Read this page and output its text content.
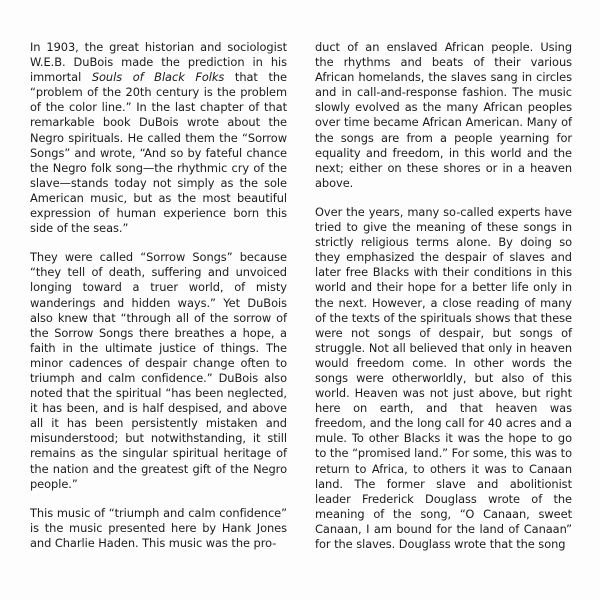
In 1903, the great historian and sociologist W.E.B. DuBois made the prediction in his immortal Souls of Black Folks that the “problem of the 20th century is the problem of the color line.” In the last chapter of that remarkable book DuBois wrote about the Negro spirituals. He called them the “Sorrow Songs” and wrote, “And so by fateful chance the Negro folk song—the rhythmic cry of the slave—stands today not simply as the sole American music, but as the most beautiful expression of human experience born this side of the seas.”

They were called “Sorrow Songs” because “they tell of death, suffering and unvoiced longing toward a truer world, of misty wanderings and hidden ways.” Yet DuBois also knew that “through all of the sorrow of the Sorrow Songs there breathes a hope, a faith in the ultimate justice of things. The minor cadences of despair change often to triumph and calm confidence.” DuBois also noted that the spiritual “has been neglected, it has been, and is half despised, and above all it has been persistently mistaken and misunderstood; but notwithstanding, it still remains as the singular spiritual heritage of the nation and the greatest gift of the Negro people.”

This music of “triumph and calm confidence” is the music presented here by Hank Jones and Charlie Haden. This music was the pro-

duct of an enslaved African people. Using the rhythms and beats of their various African homelands, the slaves sang in circles and in call-and-response fashion. The music slowly evolved as the many African peoples over time became African American. Many of the songs are from a people yearning for equality and freedom, in this world and the next; either on these shores or in a heaven above.

Over the years, many so-called experts have tried to give the meaning of these songs in strictly religious terms alone. By doing so they emphasized the despair of slaves and later free Blacks with their conditions in this world and their hope for a better life only in the next. However, a close reading of many of the texts of the spirituals shows that these were not songs of despair, but songs of struggle. Not all believed that only in heaven would freedom come. In other words the songs were otherworldly, but also of this world. Heaven was not just above, but right here on earth, and that heaven was freedom, and the long call for 40 acres and a mule. To other Blacks it was the hope to go to the “promised land.” For some, this was to return to Africa, to others it was to Canaan land. The former slave and abolitionist leader Frederick Douglass wrote of the meaning of the song, “O Canaan, sweet Canaan, I am bound for the land of Canaan” for the slaves. Douglass wrote that the song
